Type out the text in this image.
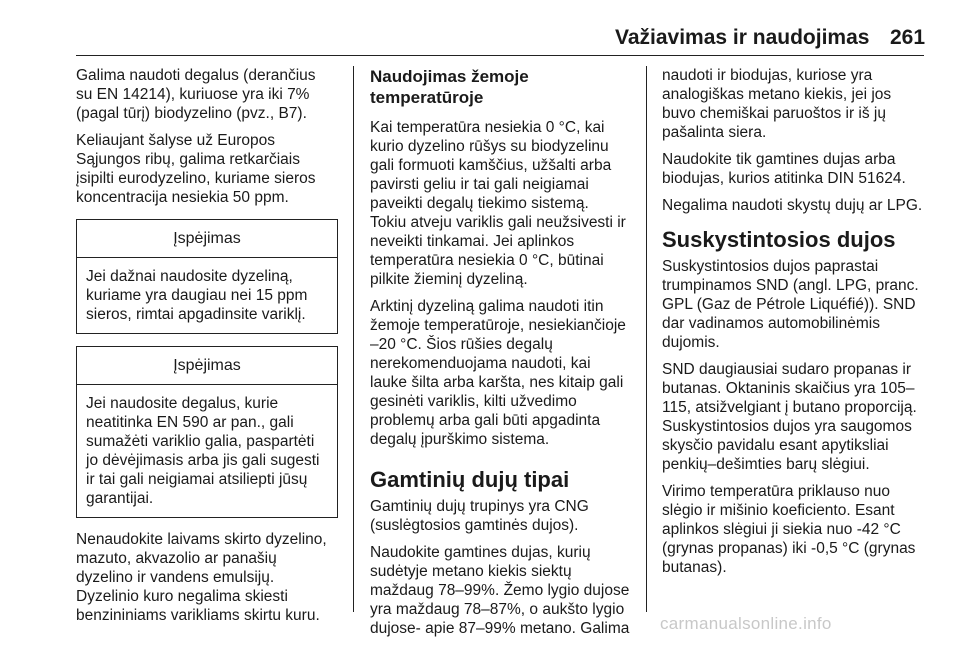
Važiavimas ir naudojimas 261

Galima naudoti degalus (derančius
su EN 14214), kuriuose yra iki 7%
(pagal tūrį) biodyzelino (pvz., B7).

Keliaujant šalyse už Europos
Sąjungos ribų, galima retkarčiais
įsipilti eurodyzelino, kuriame sieros
koncentracija nesiekia 50 ppm.

Įspėjimas
Jei dažnai naudosite dyzeliną,
kuriame yra daugiau nei 15 ppm
sieros, rimtai apgadinsite variklį.
Įspėjimas
Jei naudosite degalus, kurie
neatitinka EN 590 ar pan., gali
sumažėti variklio galia, paspartėti
jo dėvėjimasis arba jis gali sugesti
ir tai gali neigiamai atsiliepti jūsų
garantijai.

Nenaudokite laivams skirto dyzelino,
mazuto, akvazolio ar panašių
dyzelino ir vandens emulsijų.
Dyzelinio kuro negalima skiesti
benzininiams varikliams skirtu kuru.

Naudojimas žemoje
temperatūroje

Kai temperatūra nesiekia 0 °C, kai
kurio dyzelino rūšys su biodyzelinu
gali formuoti kamščius, užšalti arba
pavirsti geliu ir tai gali neigiamai
paveikti degalų tiekimo sistemą.
Tokiu atveju variklis gali neužsivesti ir
neveikti tinkamai. Jei aplinkos
temperatūra nesiekia 0 °C, būtinai
pilkite žieminį dyzeliną.

Arktinį dyzeliną galima naudoti itin
žemoje temperatūroje, nesiekiančioje
–20 °C. Šios rūšies degalų
nerekomenduojama naudoti, kai
lauke šilta arba karšta, nes kitaip gali
gesinėti variklis, kilti užvedimo
problemų arba gali būti apgadinta
degalų įpurškimo sistema.

Gamtinių dujų tipai

Gamtinių dujų trupinys yra CNG
(suslėgtosios gamtinės dujos).

Naudokite gamtines dujas, kurių
sudėtyje metano kiekis siektų
maždaug 78–99%. Žemo lygio dujose
yra maždaug 78–87%, o aukšto lygio
dujose- apie 87–99% metano. Galima

naudoti ir biodujas, kuriose yra
analogiškas metano kiekis, jei jos
buvo chemiškai paruoštos ir iš jų
pašalinta siera.

Naudokite tik gamtines dujas arba
biodujas, kurios atitinka DIN 51624.

Negalima naudoti skystų dujų ar LPG.

Suskystintosios dujos

Suskystintosios dujos paprastai
trumpinamos SND (angl. LPG, pranc.
GPL (Gaz de Pétrole Liquéfié)). SND
dar vadinamos automobilinėmis
dujomis.

SND daugiausiai sudaro propanas ir
butanas. Oktaninis skaičius yra 105–
115, atsižvelgiant į butano proporciją.
Suskystintosios dujos yra saugomos
skysčio pavidalu esant apytiksliai
penkių–dešimties barų slėgiui.

Virimo temperatūra priklauso nuo
slėgio ir mišinio koeficiento. Esant
aplinkos slėgiui ji siekia nuo -42 °C
(grynas propanas) iki -0,5 °C (grynas
butanas).

carmanualsonline.info
